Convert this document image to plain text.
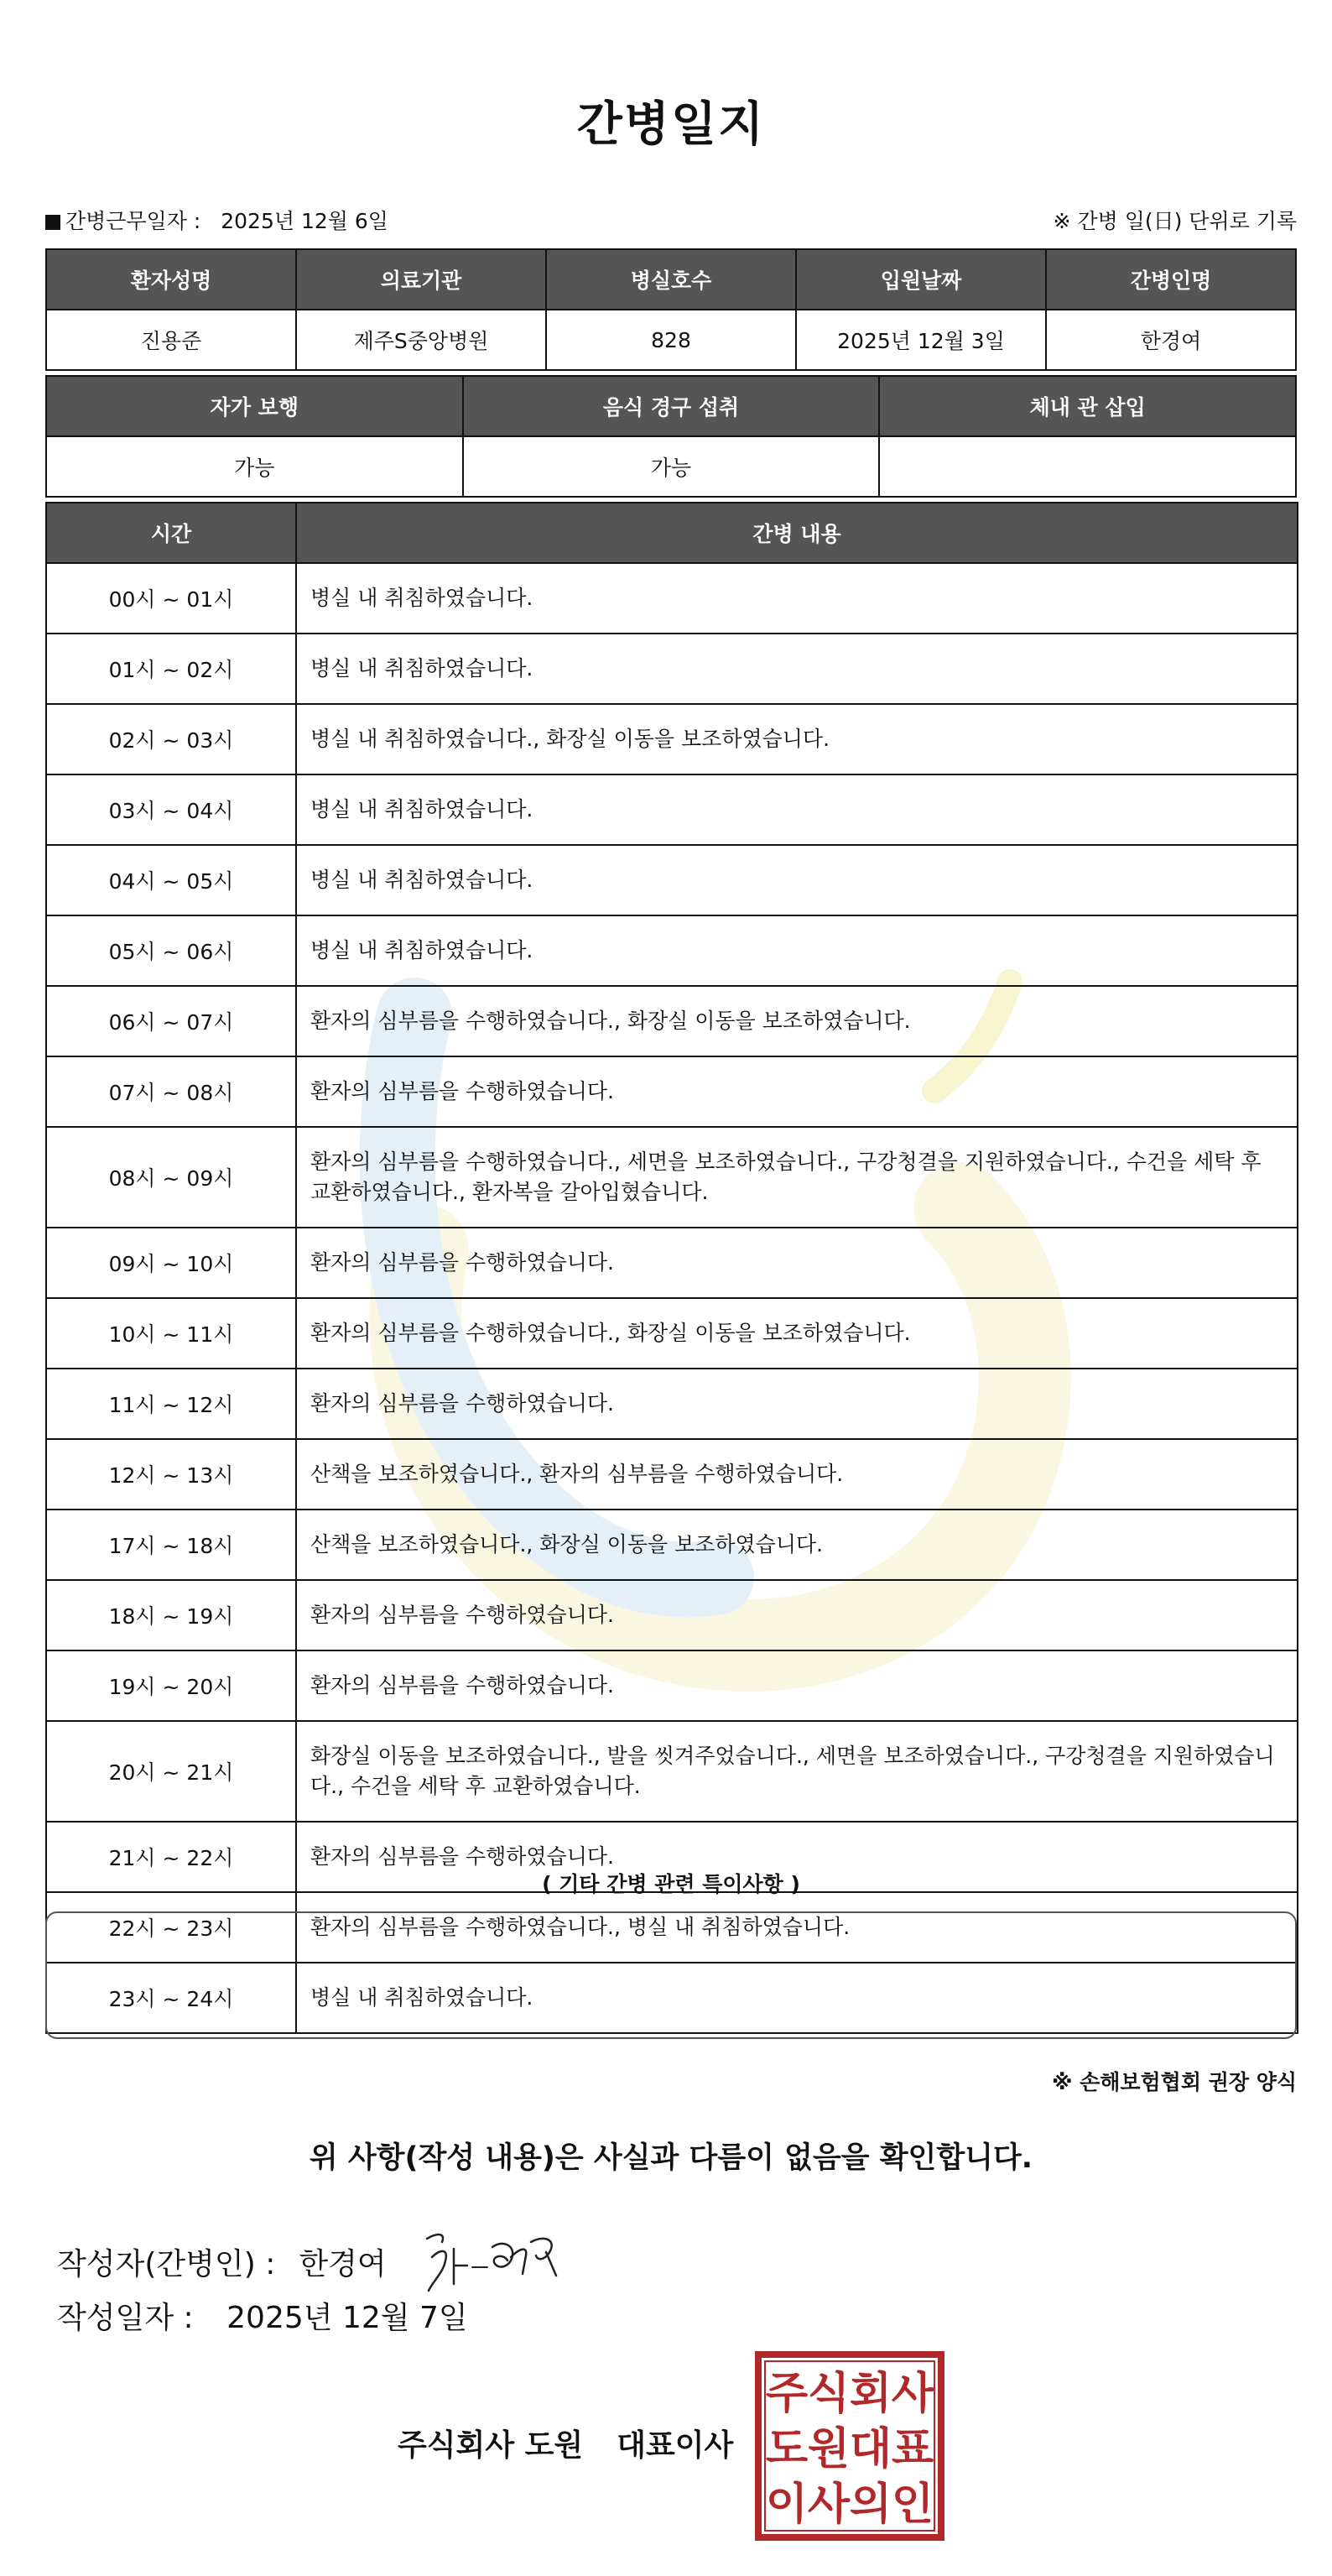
간병일지
간병근무일자 : 2025년 12월 6일	※ 간병 일(日) 단위로 기록
환자성명	의료기관	병실호수	입원날짜	간병인명
진용준	제주S중앙병원	828	2025년 12월 3일	한경여
자가 보행	음식 경구 섭취	체내 관 삽입
가능	가능	
시간	간병 내용
00시 ~ 01시	병실 내 취침하였습니다.
01시 ~ 02시	병실 내 취침하였습니다.
02시 ~ 03시	병실 내 취침하였습니다., 화장실 이동을 보조하였습니다.
03시 ~ 04시	병실 내 취침하였습니다.
04시 ~ 05시	병실 내 취침하였습니다.
05시 ~ 06시	병실 내 취침하였습니다.
06시 ~ 07시	환자의 심부름을 수행하였습니다., 화장실 이동을 보조하였습니다.
07시 ~ 08시	환자의 심부름을 수행하였습니다.
08시 ~ 09시	환자의 심부름을 수행하였습니다., 세면을 보조하였습니다., 구강청결을 지원하였습니다., 수건을 세탁 후 교환하였습니다., 환자복을 갈아입혔습니다.
09시 ~ 10시	환자의 심부름을 수행하였습니다.
10시 ~ 11시	환자의 심부름을 수행하였습니다., 화장실 이동을 보조하였습니다.
11시 ~ 12시	환자의 심부름을 수행하였습니다.
12시 ~ 13시	산책을 보조하였습니다., 환자의 심부름을 수행하였습니다.
17시 ~ 18시	산책을 보조하였습니다., 화장실 이동을 보조하였습니다.
18시 ~ 19시	환자의 심부름을 수행하였습니다.
19시 ~ 20시	환자의 심부름을 수행하였습니다.
20시 ~ 21시	화장실 이동을 보조하였습니다., 발을 씻겨주었습니다., 세면을 보조하였습니다., 구강청결을 지원하였습니다., 수건을 세탁 후 교환하였습니다.
21시 ~ 22시	환자의 심부름을 수행하였습니다.
22시 ~ 23시	환자의 심부름을 수행하였습니다., 병실 내 취침하였습니다.
23시 ~ 24시	병실 내 취침하였습니다.
( 기타 간병 관련 특이사항 )
※ 손해보험협회 권장 양식
위 사항(작성 내용)은 사실과 다름이 없음을 확인합니다.
작성자(간병인) : 한경여
작성일자 : 2025년 12월 7일
주식회사 도원 대표이사
주 식 회 사
도 원 대 표
이 사 의 인
